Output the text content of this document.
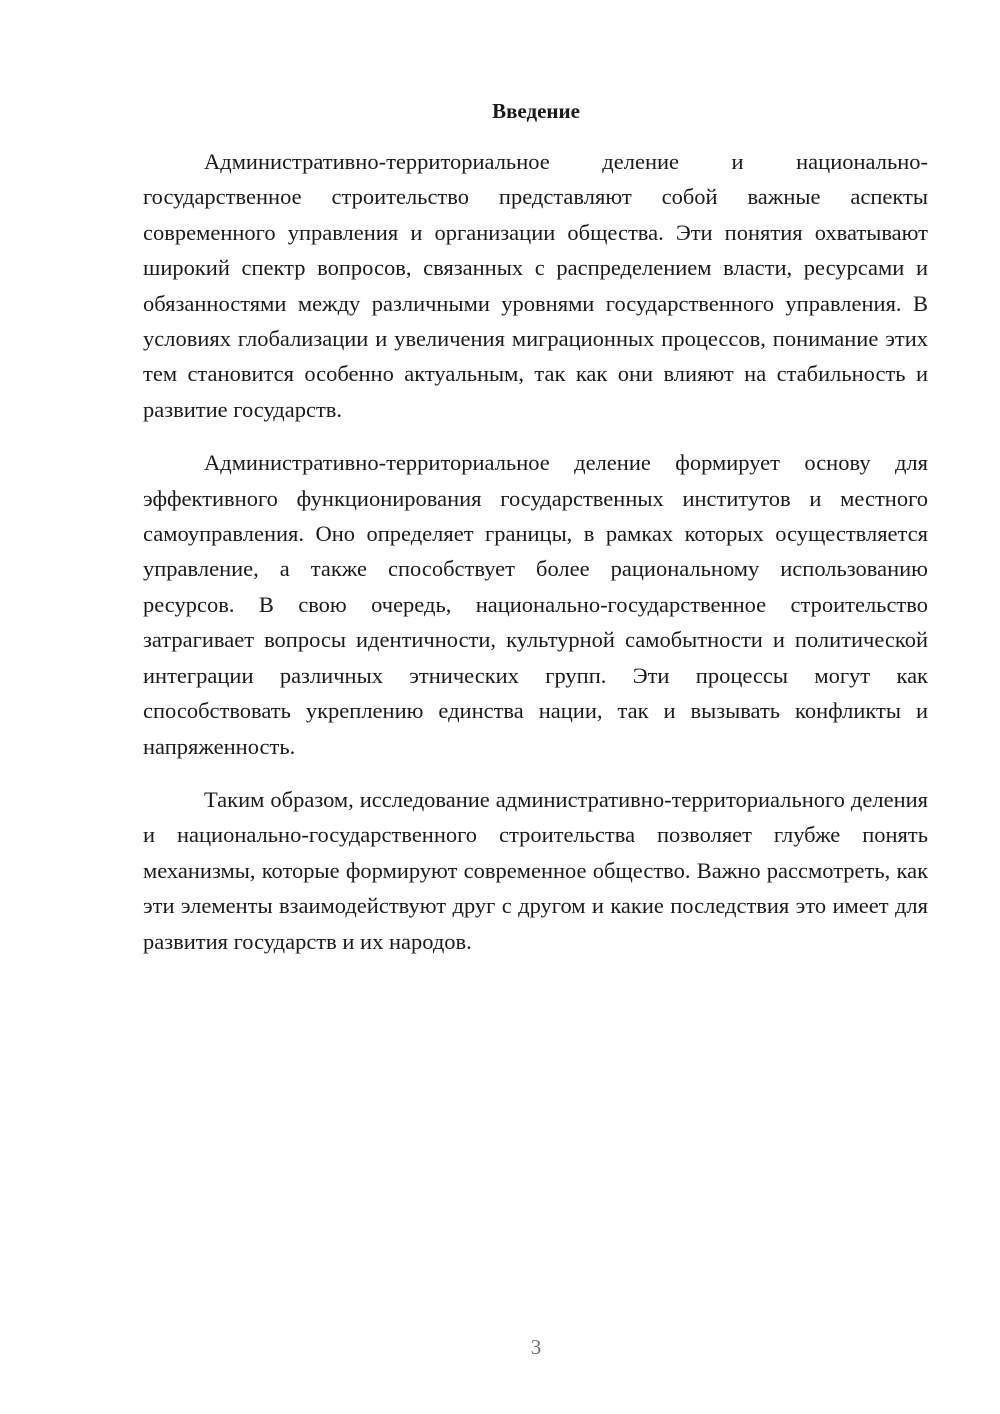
Введение

Административно-территориальное деление и национально-государственное строительство представляют собой важные аспекты современного управления и организации общества. Эти понятия охватывают широкий спектр вопросов, связанных с распределением власти, ресурсами и обязанностями между различными уровнями государственного управления. В условиях глобализации и увеличения миграционных процессов, понимание этих тем становится особенно актуальным, так как они влияют на стабильность и развитие государств.

Административно-территориальное деление формирует основу для эффективного функционирования государственных институтов и местного самоуправления. Оно определяет границы, в рамках которых осуществляется управление, а также способствует более рациональному использованию ресурсов. В свою очередь, национально-государственное строительство затрагивает вопросы идентичности, культурной самобытности и политической интеграции различных этнических групп. Эти процессы могут как способствовать укреплению единства нации, так и вызывать конфликты и напряженность.

Таким образом, исследование административно-территориального деления и национально-государственного строительства позволяет глубже понять механизмы, которые формируют современное общество. Важно рассмотреть, как эти элементы взаимодействуют друг с другом и какие последствия это имеет для развития государств и их народов.

3
